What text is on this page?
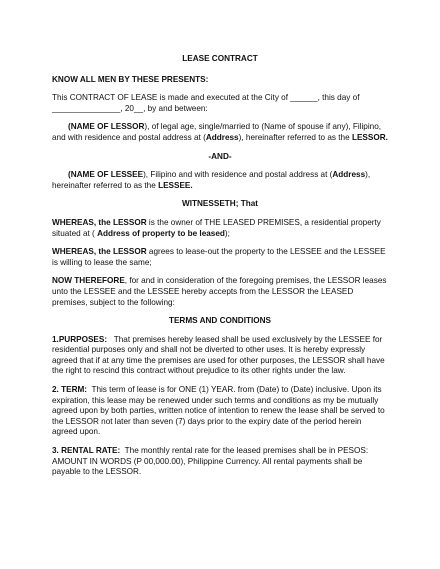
LEASE CONTRACT

KNOW ALL MEN BY THESE PRESENTS:

This CONTRACT OF LEASE is made and executed at the City of ______, this day of _______________, 20__, by and between:

(NAME OF LESSOR), of legal age, single/married to (Name of spouse if any), Filipino, and with residence and postal address at (Address), hereinafter referred to as the LESSOR.

-AND-

(NAME OF LESSEE), Filipino and with residence and postal address at (Address), hereinafter referred to as the LESSEE.

WITNESSETH; That

WHEREAS, the LESSOR is the owner of THE LEASED PREMISES, a residential property situated at ( Address of property to be leased);

WHEREAS, the LESSOR agrees to lease-out the property to the LESSEE and the LESSEE is willing to lease the same;

NOW THEREFORE, for and in consideration of the foregoing premises, the LESSOR leases unto the LESSEE and the LESSEE hereby accepts from the LESSOR the LEASED premises, subject to the following:

TERMS AND CONDITIONS

1.PURPOSES: That premises hereby leased shall be used exclusively by the LESSEE for residential purposes only and shall not be diverted to other uses. It is hereby expressly agreed that if at any time the premises are used for other purposes, the LESSOR shall have the right to rescind this contract without prejudice to its other rights under the law.

2. TERM: This term of lease is for ONE (1) YEAR. from (Date) to (Date) inclusive. Upon its expiration, this lease may be renewed under such terms and conditions as my be mutually agreed upon by both parties, written notice of intention to renew the lease shall be served to the LESSOR not later than seven (7) days prior to the expiry date of the period herein agreed upon.

3. RENTAL RATE: The monthly rental rate for the leased premises shall be in PESOS: AMOUNT IN WORDS (P 00,000.00), Philippine Currency. All rental payments shall be payable to the LESSOR.
